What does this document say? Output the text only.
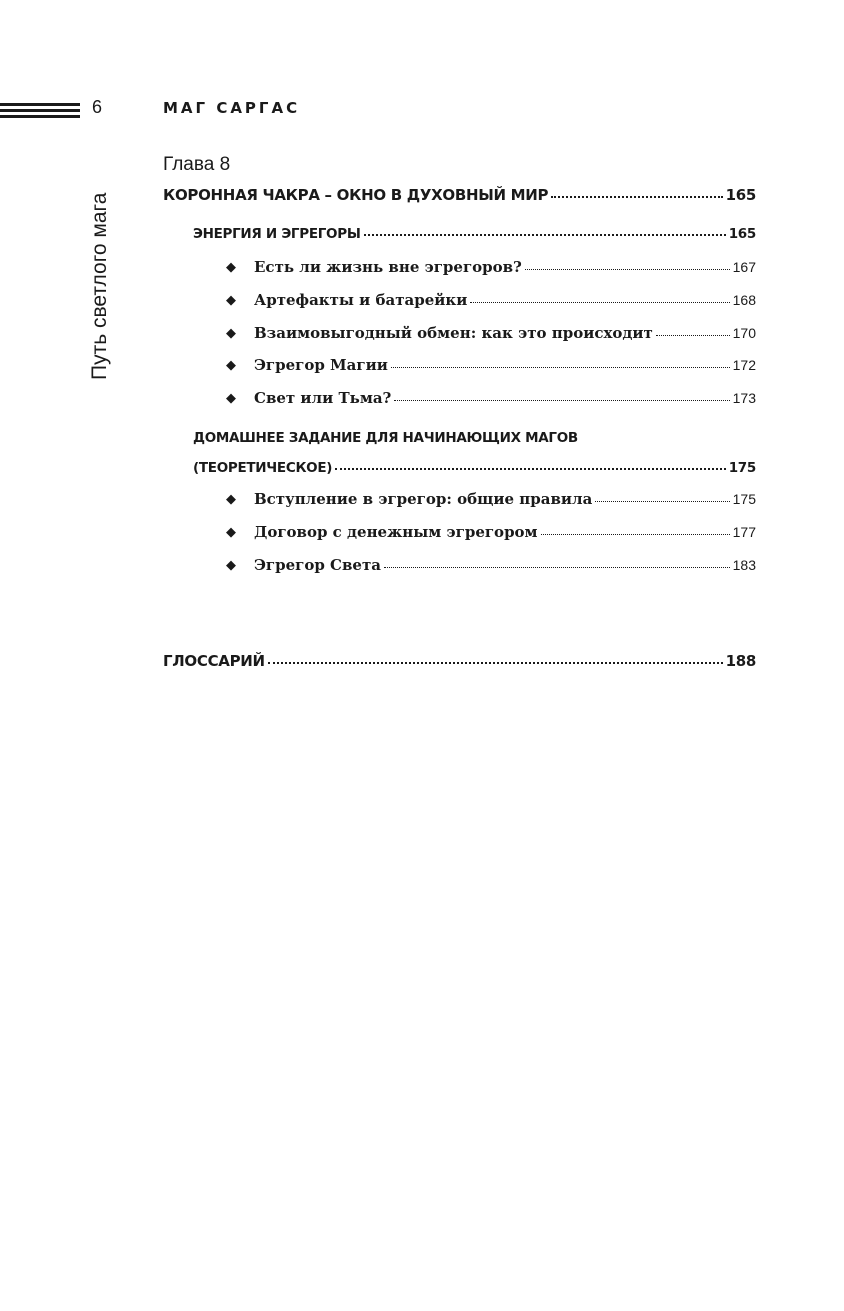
6	МАГ САРГАС
Путь светлого мага
Глава 8
КОРОННАЯ ЧАКРА – ОКНО В ДУХОВНЫЙ МИР	165
ЭНЕРГИЯ И ЭГРЕГОРЫ	165
◆ Есть ли жизнь вне эгрегоров?	167
◆ Артефакты и батарейки	168
◆ Взаимовыгодный обмен: как это происходит	170
◆ Эгрегор Магии	172
◆ Свет или Тьма?	173
ДОМАШНЕЕ ЗАДАНИЕ ДЛЯ НАЧИНАЮЩИХ МАГОВ
(ТЕОРЕТИЧЕСКОЕ)	175
◆ Вступление в эгрегор: общие правила	175
◆ Договор с денежным эгрегором	177
◆ Эгрегор Света	183
ГЛОССАРИЙ	188
